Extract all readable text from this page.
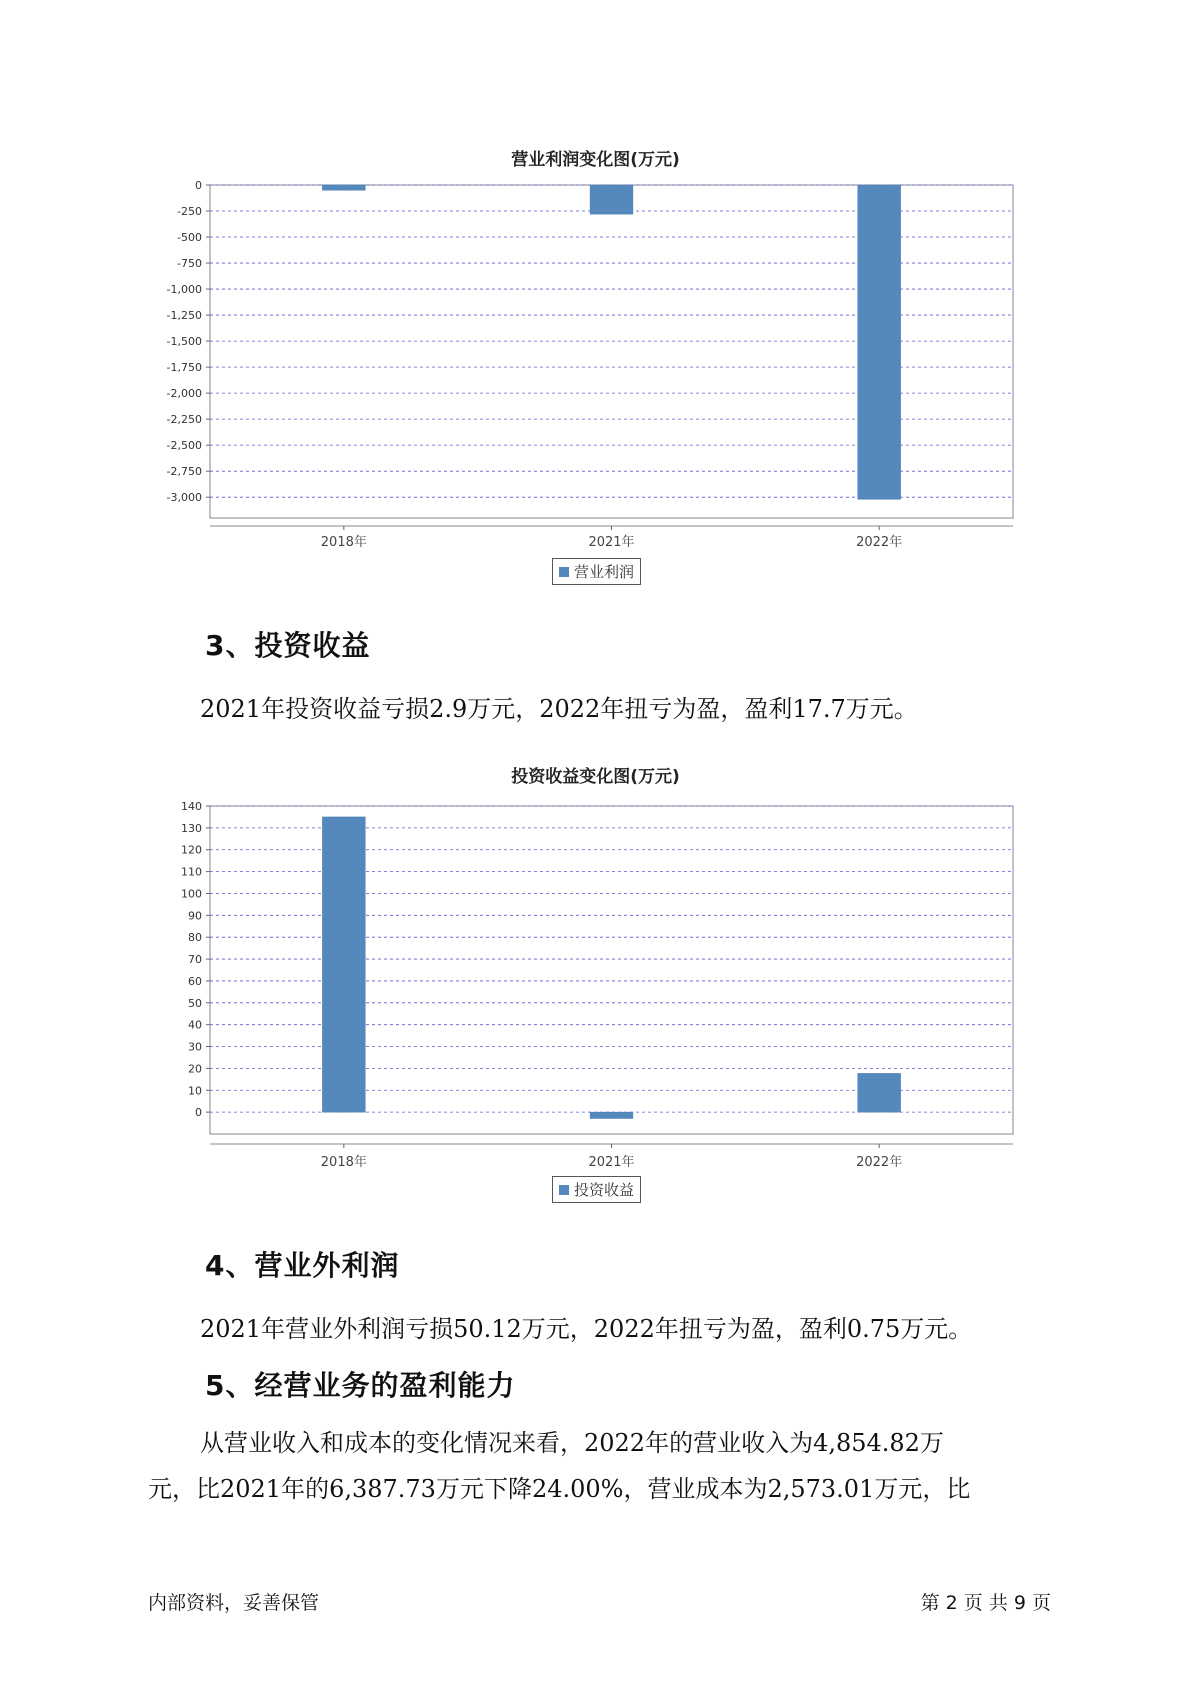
营业利润变化图(万元)
0
-250
-500
-750
-1,000
-1,250
-1,500
-1,750
-2,000
-2,250
-2,500
-2,750
-3,000
2018年	2021年	2022年
营业利润
3、投资收益
2021年投资收益亏损2.9万元，2022年扭亏为盈，盈利17.7万元。
投资收益变化图(万元)
140
130
120
110
100
90
80
70
60
50
40
30
20
10
0
2018年	2021年	2022年
投资收益
4、营业外利润
2021年营业外利润亏损50.12万元，2022年扭亏为盈，盈利0.75万元。
5、经营业务的盈利能力
从营业收入和成本的变化情况来看，2022年的营业收入为4,854.82万
元，比2021年的6,387.73万元下降24.00%，营业成本为2,573.01万元，比
内部资料，妥善保管	第 2 页 共 9 页
